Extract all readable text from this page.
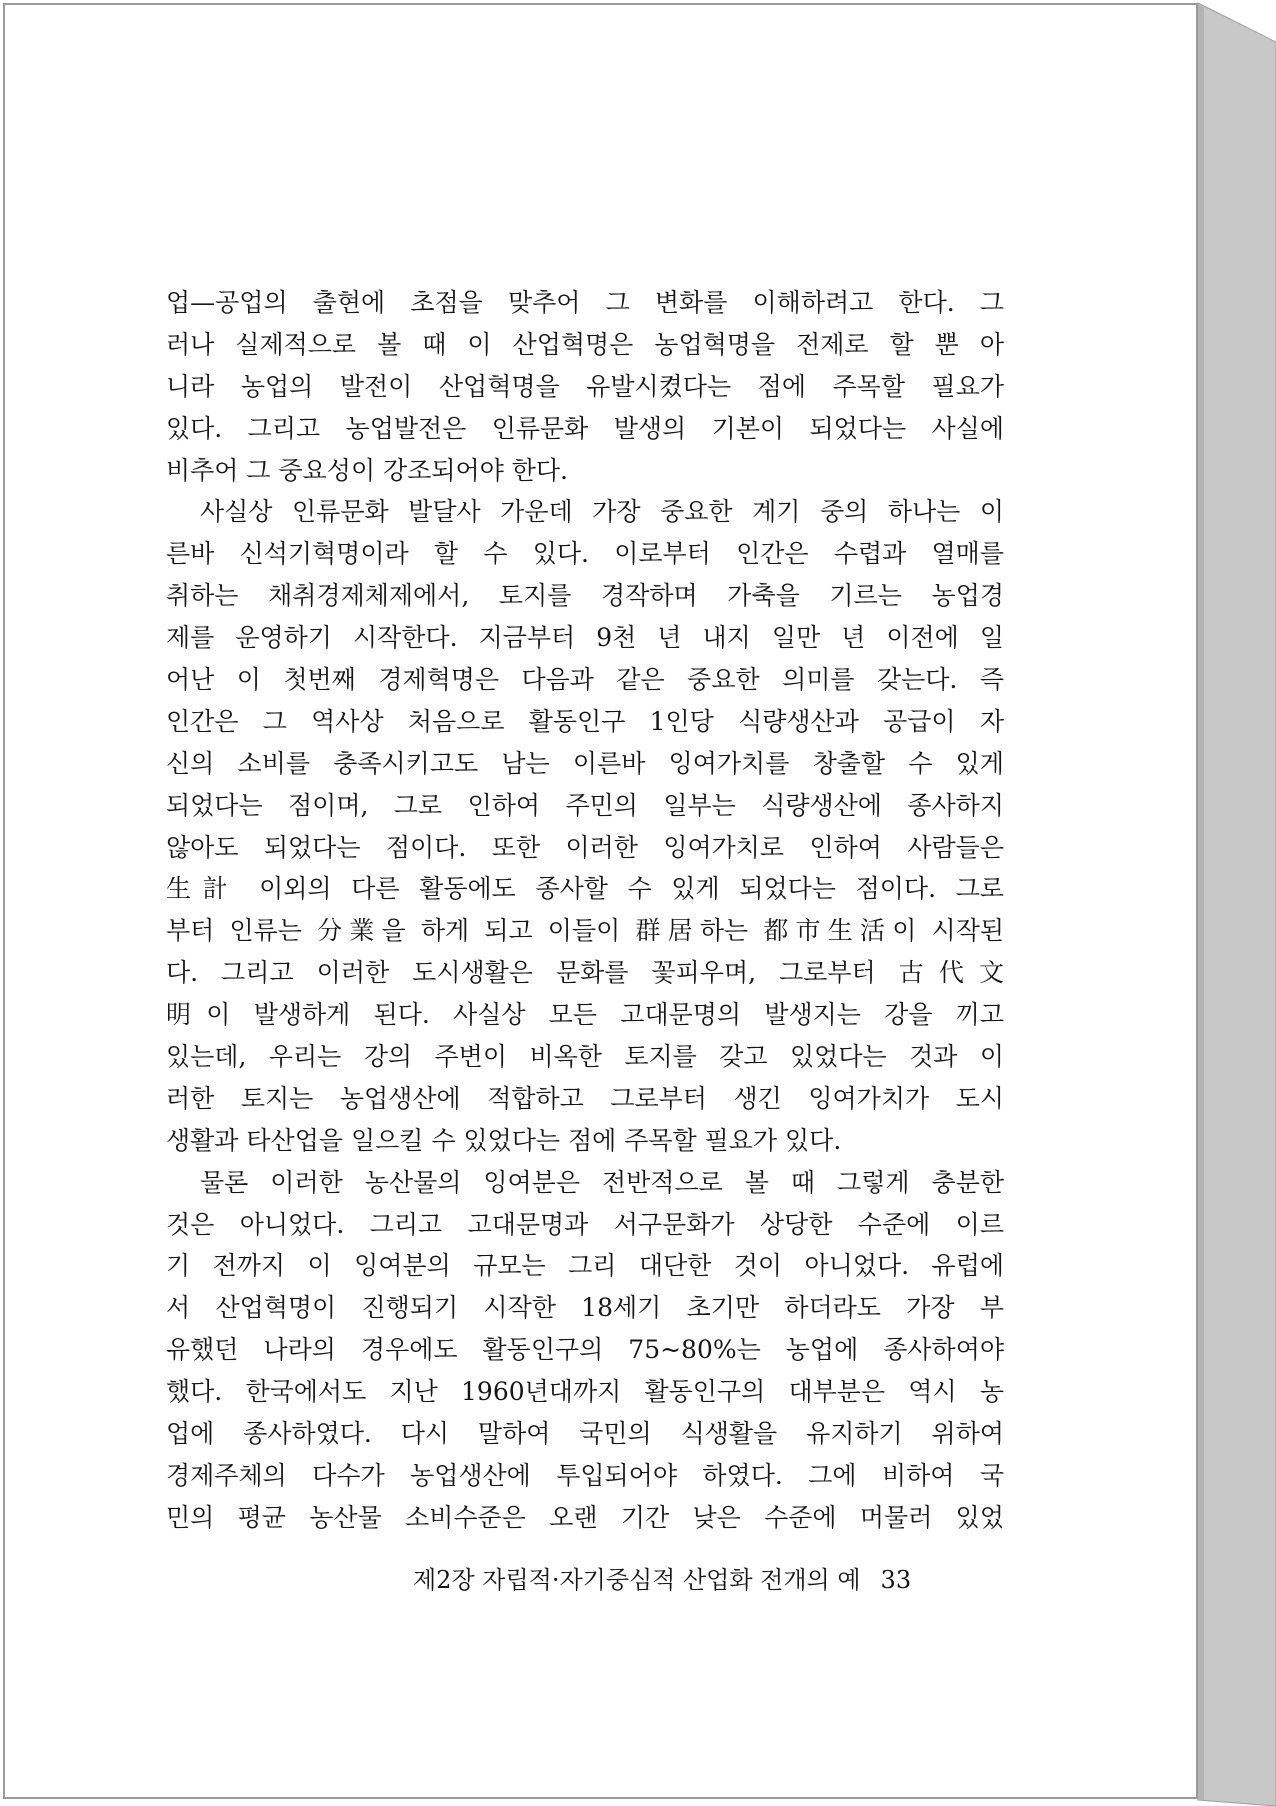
업—공업의 출현에 초점을 맞추어 그 변화를 이해하려고 한다. 그
러나 실제적으로 볼 때 이 산업혁명은 농업혁명을 전제로 할 뿐 아
니라 농업의 발전이 산업혁명을 유발시켰다는 점에 주목할 필요가
있다. 그리고 농업발전은 인류문화 발생의 기본이 되었다는 사실에
비추어 그 중요성이 강조되어야 한다.
사실상 인류문화 발달사 가운데 가장 중요한 계기 중의 하나는 이
른바 신석기혁명이라 할 수 있다. 이로부터 인간은 수렵과 열매를
취하는 채취경제체제에서, 토지를 경작하며 가축을 기르는 농업경
제를 운영하기 시작한다. 지금부터 9천 년 내지 일만 년 이전에 일
어난 이 첫번째 경제혁명은 다음과 같은 중요한 의미를 갖는다. 즉
인간은 그 역사상 처음으로 활동인구 1인당 식량생산과 공급이 자
신의 소비를 충족시키고도 남는 이른바 잉여가치를 창출할 수 있게
되었다는 점이며, 그로 인하여 주민의 일부는 식량생산에 종사하지
않아도 되었다는 점이다. 또한 이러한 잉여가치로 인하여 사람들은
生計 이외의 다른 활동에도 종사할 수 있게 되었다는 점이다. 그로
부터 인류는 分業을 하게 되고 이들이 群居하는 都市生活이 시작된
다. 그리고 이러한 도시생활은 문화를 꽃피우며, 그로부터 古代文
明이 발생하게 된다. 사실상 모든 고대문명의 발생지는 강을 끼고
있는데, 우리는 강의 주변이 비옥한 토지를 갖고 있었다는 것과 이
러한 토지는 농업생산에 적합하고 그로부터 생긴 잉여가치가 도시
생활과 타산업을 일으킬 수 있었다는 점에 주목할 필요가 있다.
물론 이러한 농산물의 잉여분은 전반적으로 볼 때 그렇게 충분한
것은 아니었다. 그리고 고대문명과 서구문화가 상당한 수준에 이르
기 전까지 이 잉여분의 규모는 그리 대단한 것이 아니었다. 유럽에
서 산업혁명이 진행되기 시작한 18세기 초기만 하더라도 가장 부
유했던 나라의 경우에도 활동인구의 75~80%는 농업에 종사하여야
했다. 한국에서도 지난 1960년대까지 활동인구의 대부분은 역시 농
업에 종사하였다. 다시 말하여 국민의 식생활을 유지하기 위하여
경제주체의 다수가 농업생산에 투입되어야 하였다. 그에 비하여 국
민의 평균 농산물 소비수준은 오랜 기간 낮은 수준에 머물러 있었
제2장 자립적·자기중심적 산업화 전개의 예 33
